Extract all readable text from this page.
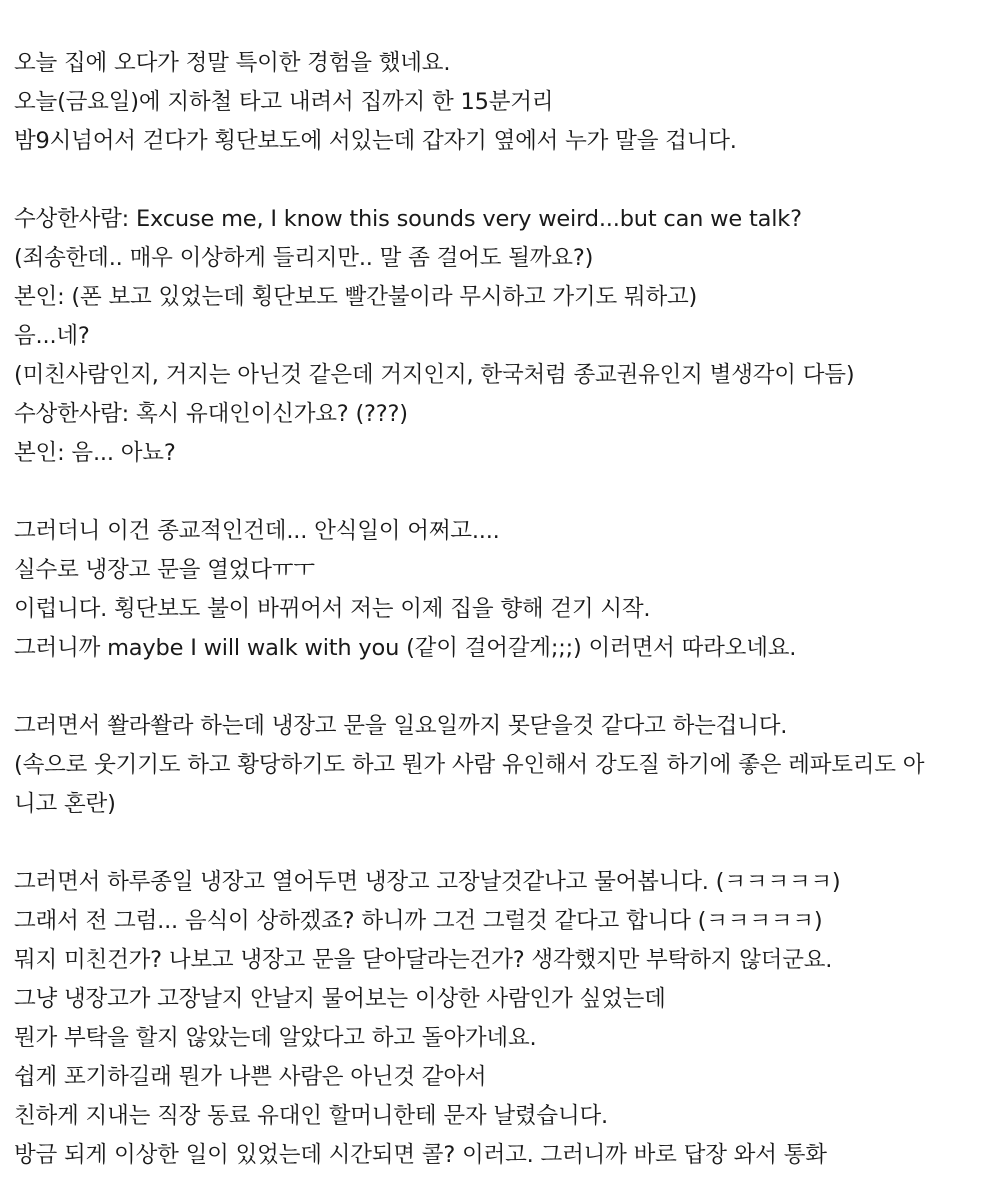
오늘 집에 오다가 정말 특이한 경험을 했네요.
오늘(금요일)에 지하철 타고 내려서 집까지 한 15분거리
밤9시넘어서 걷다가 횡단보도에 서있는데 갑자기 옆에서 누가 말을 겁니다.
수상한사람: Excuse me, I know this sounds very weird...but can we talk?
(죄송한데.. 매우 이상하게 들리지만.. 말 좀 걸어도 될까요?)
본인: (폰 보고 있었는데 횡단보도 빨간불이라 무시하고 가기도 뭐하고)
음...네?
(미친사람인지, 거지는 아닌것 같은데 거지인지, 한국처럼 종교권유인지 별생각이 다듬)
수상한사람: 혹시 유대인이신가요? (???)
본인: 음... 아뇨?
그러더니 이건 종교적인건데... 안식일이 어쩌고....
실수로 냉장고 문을 열었다ㅠㅜ
이럽니다. 횡단보도 불이 바뀌어서 저는 이제 집을 향해 걷기 시작.
그러니까 maybe I will walk with you (같이 걸어갈게;;;) 이러면서 따라오네요.
그러면서 쏼라쏼라 하는데 냉장고 문을 일요일까지 못닫을것 같다고 하는겁니다.
(속으로 웃기기도 하고 황당하기도 하고 뭔가 사람 유인해서 강도질 하기에 좋은 레파토리도 아
니고 혼란)
그러면서 하루종일 냉장고 열어두면 냉장고 고장날것같나고 물어봅니다. (ㅋㅋㅋㅋㅋ)
그래서 전 그럼... 음식이 상하겠죠? 하니까 그건 그럴것 같다고 합니다 (ㅋㅋㅋㅋㅋ)
뭐지 미친건가? 나보고 냉장고 문을 닫아달라는건가? 생각했지만 부탁하지 않더군요.
그냥 냉장고가 고장날지 안날지 물어보는 이상한 사람인가 싶었는데
뭔가 부탁을 할지 않았는데 알았다고 하고 돌아가네요.
쉽게 포기하길래 뭔가 나쁜 사람은 아닌것 같아서
친하게 지내는 직장 동료 유대인 할머니한테 문자 날렸습니다.
방금 되게 이상한 일이 있었는데 시간되면 콜? 이러고. 그러니까 바로 답장 와서 통화
